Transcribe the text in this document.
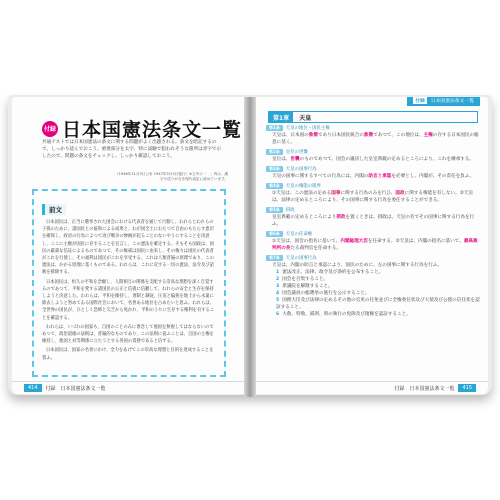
付録 日本国憲法条文一覧
共通テストでは日本国憲法の条文に関する問題がよく出題される。条文を暗記するので、しっかり読んでおこう。重要部分を太字、特に試験で狙われそうな箇所は赤字で示したので、問題の条文をチェックし、しっかり確認しておこう。
（1946年11月3日公布 1947年5月3日施行）※文中の「　」内は、漢字や送りがなを現代表記に改めています。
前文

日本国民は、正当に選挙された国会における代表者を通じて行動し、われらとわれらの子孫のために、諸国民との協和による成果と、わが国全土にわたつて自由のもたらす恵沢を確保し、政府の行為によつて再び戦争の惨禍が起ることのないやうにすることを決意し、ここに主権が国民に存することを宣言し、この憲法を確定する。そもそも国政は、国民の厳粛な信託によるものであつて、その権威は国民に由来し、その権力は国民の代表者がこれを行使し、その福利は国民がこれを享受する。これは人類普遍の原理であり、この憲法は、かかる原理に基くものである。われらは、これに反する一切の憲法、法令及び詔勅を排除する。

日本国民は、恒久の平和を念願し、人間相互の関係を支配する崇高な理想を深く自覚するのであつて、平和を愛する諸国民の公正と信義に信頼して、われらの安全と生存を保持しようと決意した。われらは、平和を維持し、専制と隷従、圧迫と偏狭を地上から永遠に除去しようと努めてゐる国際社会において、名誉ある地位を占めたいと思ふ。われらは、全世界の国民が、ひとしく恐怖と欠乏から免かれ、平和のうちに生存する権利を有することを確認する。

われらは、いづれの国家も、自国のことのみに専念して他国を無視してはならないのであつて、政治道徳の法則は、普遍的なものであり、この法則に従ふことは、自国の主権を維持し、他国と対等関係に立たうとする各国の責務であると信ずる。

日本国民は、国家の名誉にかけ、全力をあげてこの崇高な理想と目的を達成することを誓ふ。

414	付録　日本国憲法条文一覧
付録	日本国憲法条文一覧
第1章	天皇
第1条	天皇の地位・国民主権
天皇は、日本国の象徴であり日本国民統合の象徴であつて、この地位は、主権の存する日本国民の総意に基く。
第2条	皇位の世襲
皇位は、世襲のものであつて、国会の議決した皇室典範の定めるところにより、これを継承する。
第3条	天皇の国事行為
天皇の国事に関するすべての行為には、内閣の助言と承認を必要とし、内閣が、その責任を負ふ。
第4条	天皇の権能の限界
①天皇は、この憲法の定める国事に関する行為のみを行ひ、国政に関する権能を有しない。②天皇は、法律の定めるところにより、その国事に関する行為を委任することができる。
第5条	摂政
皇室典範の定めるところにより摂政を置くときは、摂政は、天皇の名でその国事に関する行為を行ふ。
第6条	天皇の任命権
①天皇は、国会の指名に基いて、内閣総理大臣を任命する。②天皇は、内閣の指名に基いて、最高裁判所の長たる裁判官を任命する。
第7条	天皇の国事行為
天皇は、内閣の助言と承認により、国民のために、左の国事に関する行為を行ふ。
1 憲法改正、法律、政令及び条約を公布すること。
2 国会を召集すること。
3 衆議院を解散すること。
4 国会議員の総選挙の施行を公示すること。
5 国務大臣及び法律の定めるその他の官吏の任免並びに全権委任状及び大使及び公使の信任状を認証すること。
6 大赦、特赦、減刑、刑の執行の免除及び復権を認証すること。
付録　日本国憲法条文一覧	415
